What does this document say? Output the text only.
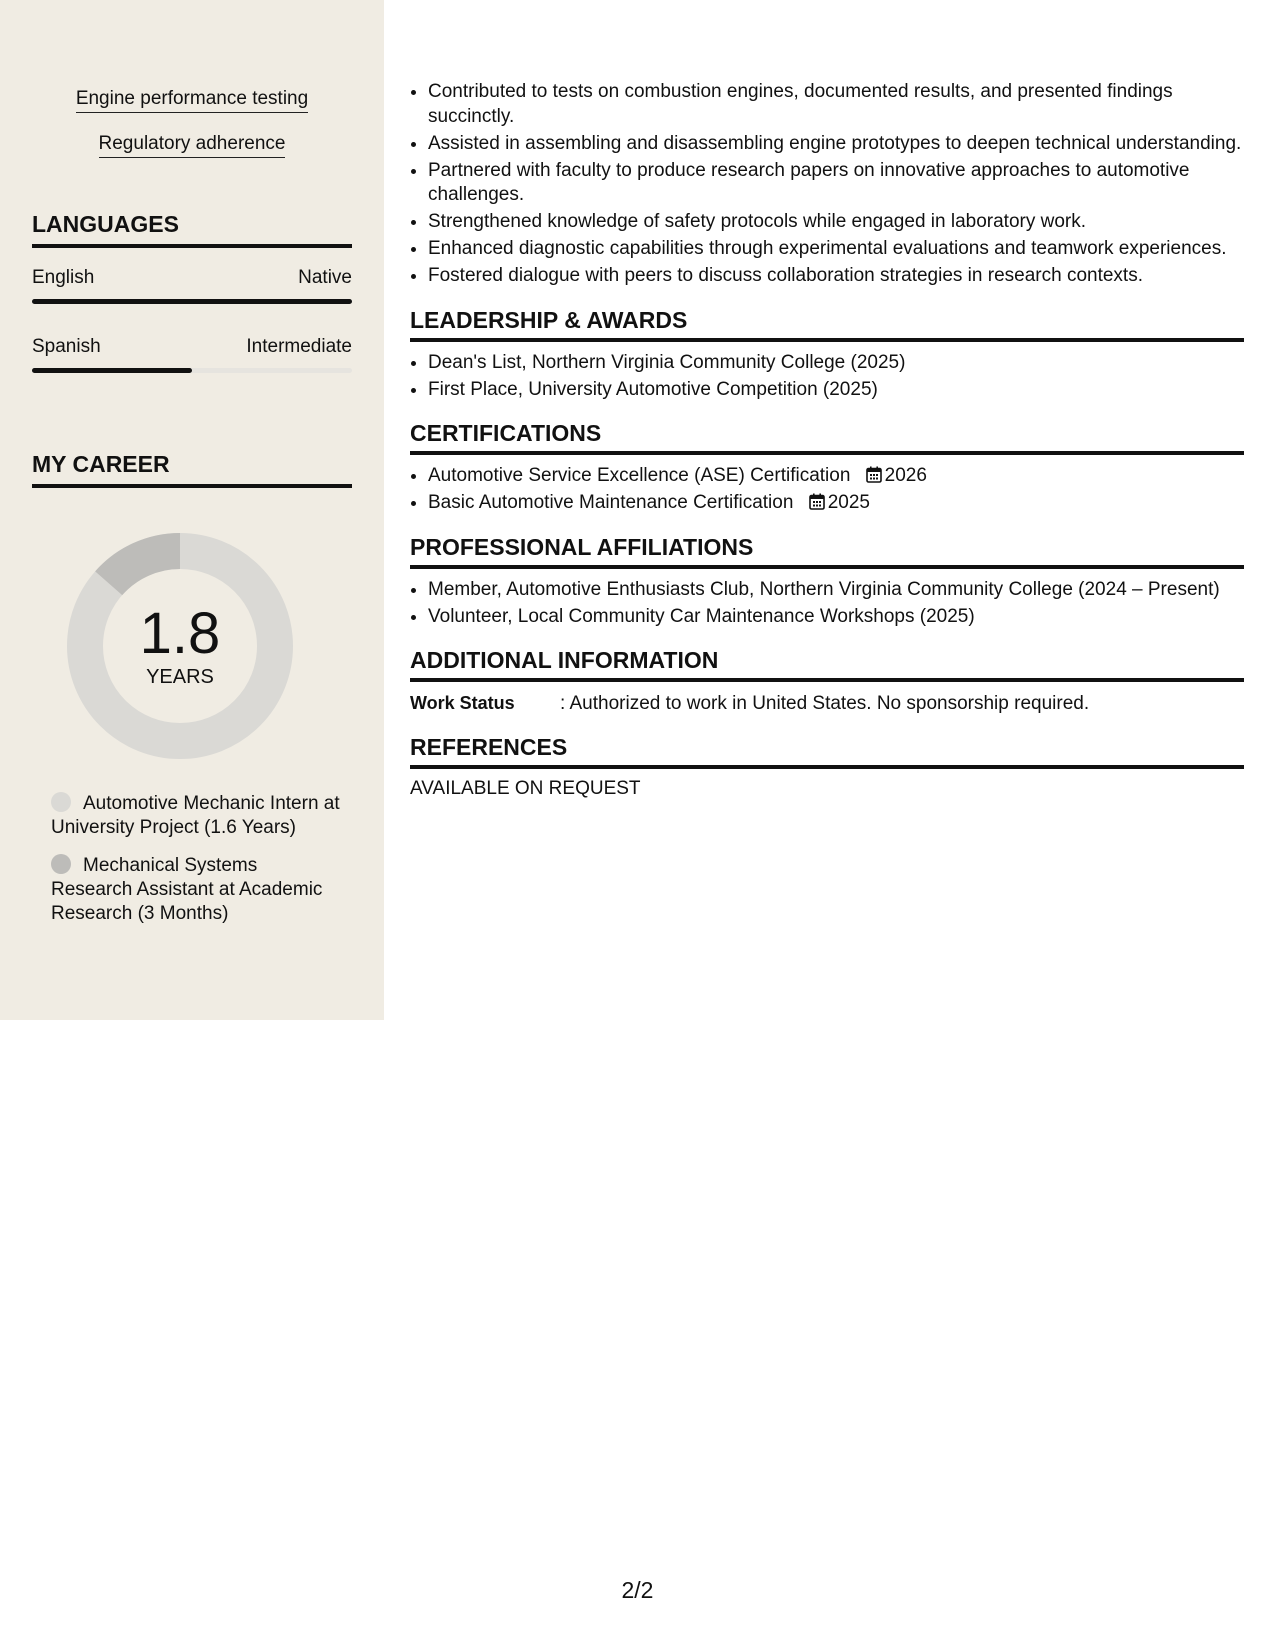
Engine performance testing
Regulatory adherence
LANGUAGES
English	Native
Spanish	Intermediate
MY CAREER
1.8
YEARS
Automotive Mechanic Intern at University Project (1.6 Years)
Mechanical Systems Research Assistant at Academic Research (3 Months)
• Contributed to tests on combustion engines, documented results, and presented findings succinctly.
• Assisted in assembling and disassembling engine prototypes to deepen technical understanding.
• Partnered with faculty to produce research papers on innovative approaches to automotive challenges.
• Strengthened knowledge of safety protocols while engaged in laboratory work.
• Enhanced diagnostic capabilities through experimental evaluations and teamwork experiences.
• Fostered dialogue with peers to discuss collaboration strategies in research contexts.
LEADERSHIP & AWARDS
• Dean's List, Northern Virginia Community College (2025)
• First Place, University Automotive Competition (2025)
CERTIFICATIONS
• Automotive Service Excellence (ASE) Certification 2026
• Basic Automotive Maintenance Certification 2025
PROFESSIONAL AFFILIATIONS
• Member, Automotive Enthusiasts Club, Northern Virginia Community College (2024 – Present)
• Volunteer, Local Community Car Maintenance Workshops (2025)
ADDITIONAL INFORMATION
Work Status : Authorized to work in United States. No sponsorship required.
REFERENCES
AVAILABLE ON REQUEST
2/2
